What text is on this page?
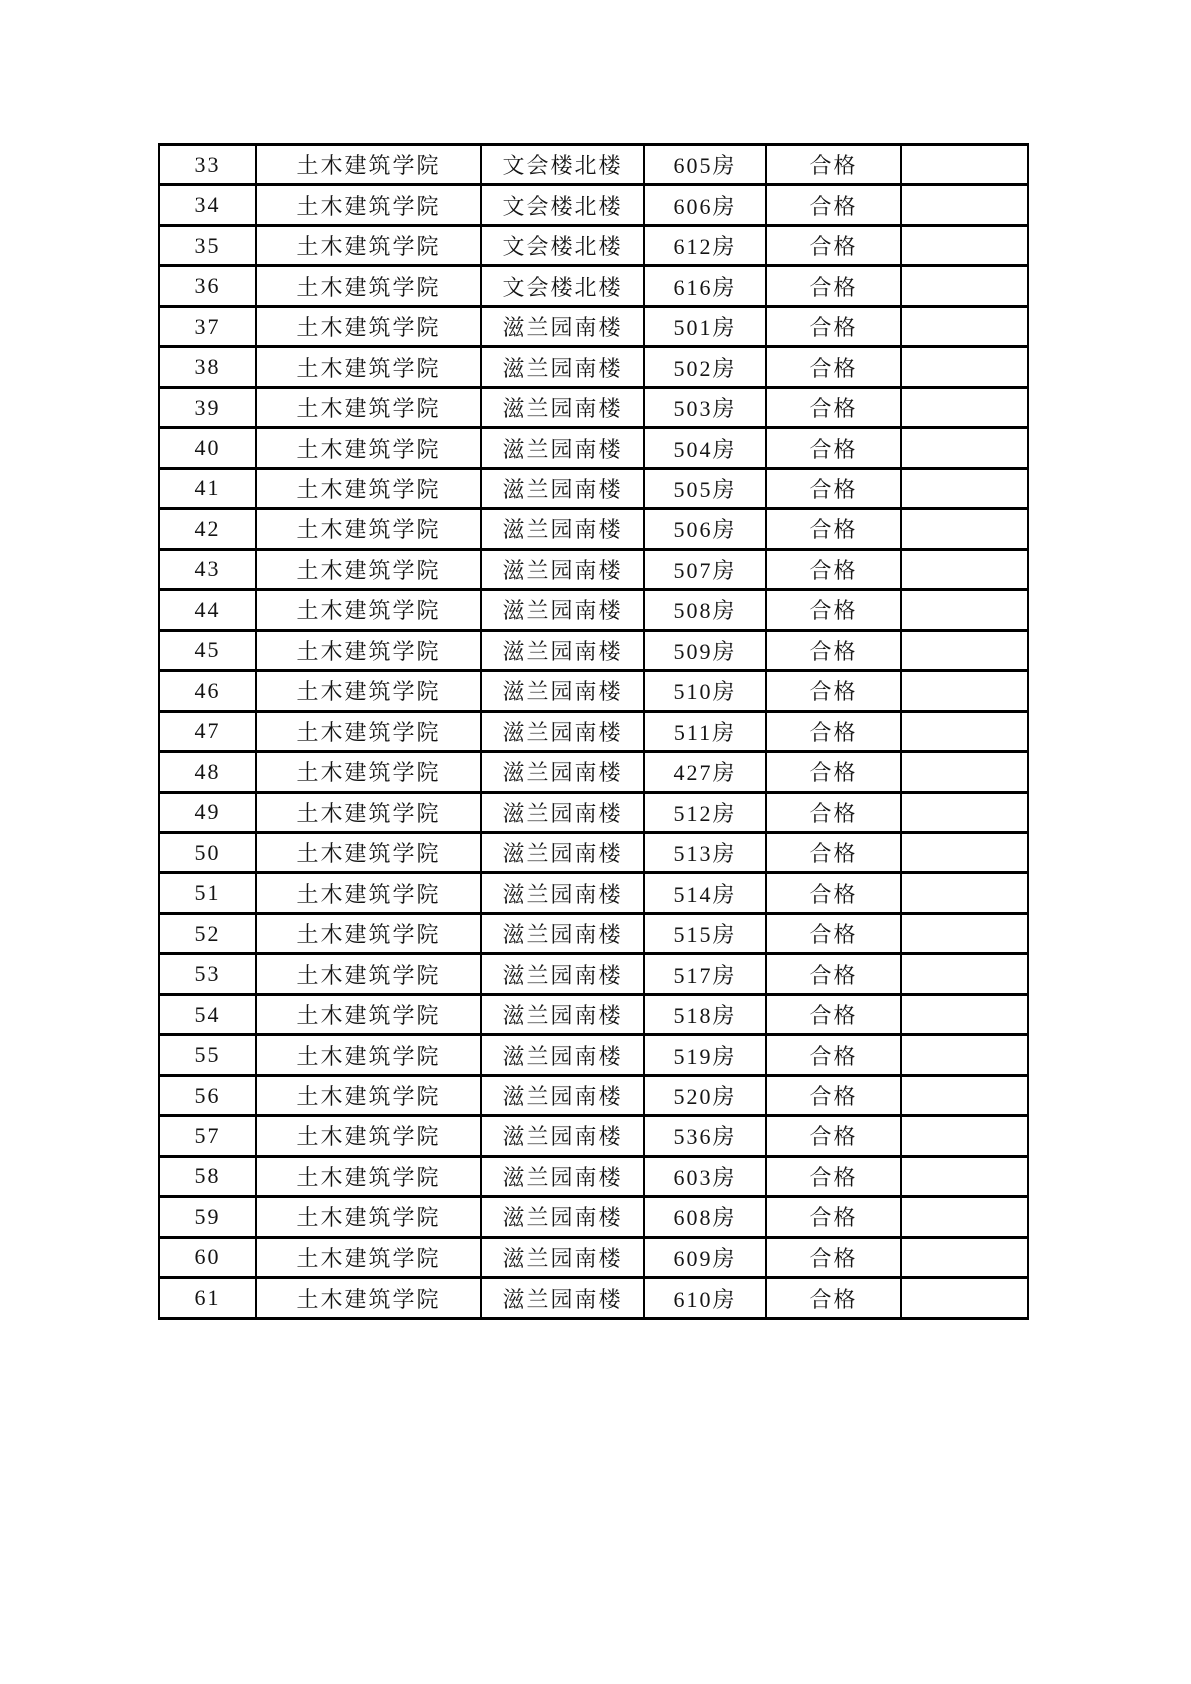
33	土木建筑学院	文会楼北楼	605房	合格	
34	土木建筑学院	文会楼北楼	606房	合格	
35	土木建筑学院	文会楼北楼	612房	合格	
36	土木建筑学院	文会楼北楼	616房	合格	
37	土木建筑学院	滋兰园南楼	501房	合格	
38	土木建筑学院	滋兰园南楼	502房	合格	
39	土木建筑学院	滋兰园南楼	503房	合格	
40	土木建筑学院	滋兰园南楼	504房	合格	
41	土木建筑学院	滋兰园南楼	505房	合格	
42	土木建筑学院	滋兰园南楼	506房	合格	
43	土木建筑学院	滋兰园南楼	507房	合格	
44	土木建筑学院	滋兰园南楼	508房	合格	
45	土木建筑学院	滋兰园南楼	509房	合格	
46	土木建筑学院	滋兰园南楼	510房	合格	
47	土木建筑学院	滋兰园南楼	511房	合格	
48	土木建筑学院	滋兰园南楼	427房	合格	
49	土木建筑学院	滋兰园南楼	512房	合格	
50	土木建筑学院	滋兰园南楼	513房	合格	
51	土木建筑学院	滋兰园南楼	514房	合格	
52	土木建筑学院	滋兰园南楼	515房	合格	
53	土木建筑学院	滋兰园南楼	517房	合格	
54	土木建筑学院	滋兰园南楼	518房	合格	
55	土木建筑学院	滋兰园南楼	519房	合格	
56	土木建筑学院	滋兰园南楼	520房	合格	
57	土木建筑学院	滋兰园南楼	536房	合格	
58	土木建筑学院	滋兰园南楼	603房	合格	
59	土木建筑学院	滋兰园南楼	608房	合格	
60	土木建筑学院	滋兰园南楼	609房	合格	
61	土木建筑学院	滋兰园南楼	610房	合格	
